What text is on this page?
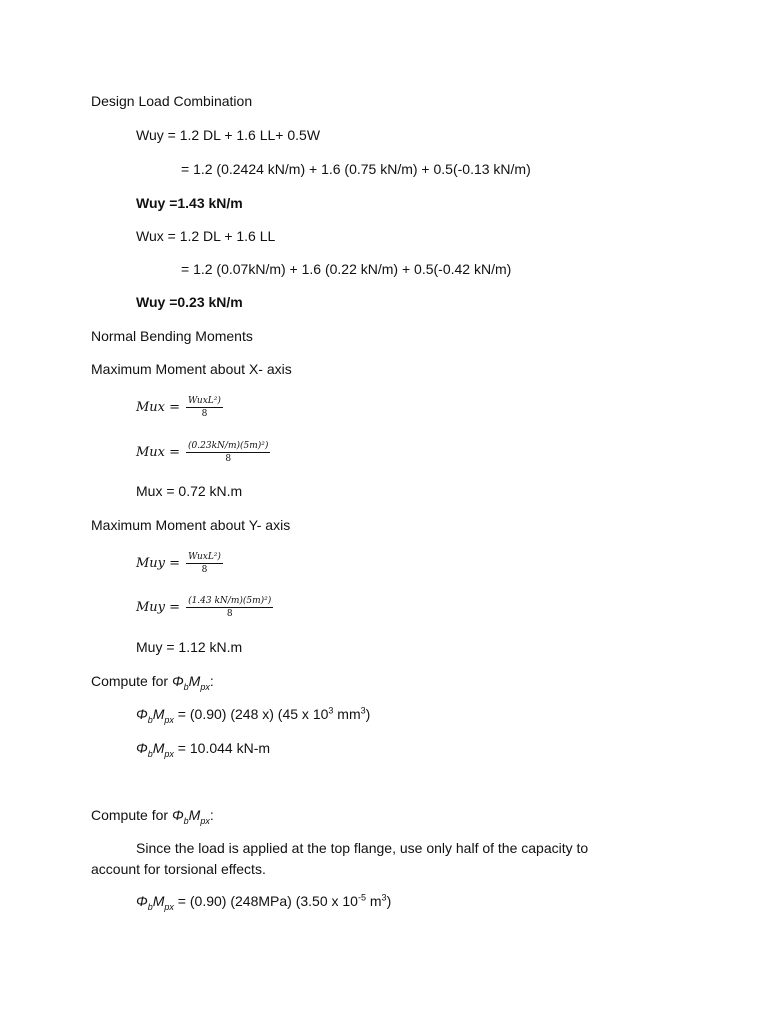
Design Load Combination
Wuy = 1.2 DL + 1.6 LL+ 0.5W
= 1.2 (0.2424 kN/m) + 1.6 (0.75 kN/m) + 0.5(-0.13 kN/m)
Wuy =1.43 kN/m
Wux = 1.2 DL + 1.6 LL
= 1.2 (0.07kN/m) + 1.6 (0.22 kN/m) + 0.5(-0.42 kN/m)
Wuy =0.23 kN/m
Normal Bending Moments
Maximum Moment about X- axis
Mux = $\frac{\text{WuxL²)}}{8}$
Mux = $\frac{\text{(0.23kN/m)(5m)²)}}{8}$
Mux = 0.72 kN.m
Maximum Moment about Y- axis
Muy = $\frac{\text{WuxL²)}}{8}$
Muy = $\frac{\text{(1.43 kN/m)(5m)²)}}{8}$
Muy = 1.12 kN.m
Compute for $\Phi_bM_{px}$:
$\Phi_bM_{px} = (0.90)$ (248 x) (45 x $10^3$ $mm^3$)
$\Phi_bM_{px} = 10.044$ kN-m
Compute for $\Phi_bM_{px}$:
Since the load is applied at the top flange, use only half of the capacity to account for torsional effects.
$\Phi_bM_{px} = (0.90)$ (248MPa) (3.50 x $10^{-5}$ $m^3$)
